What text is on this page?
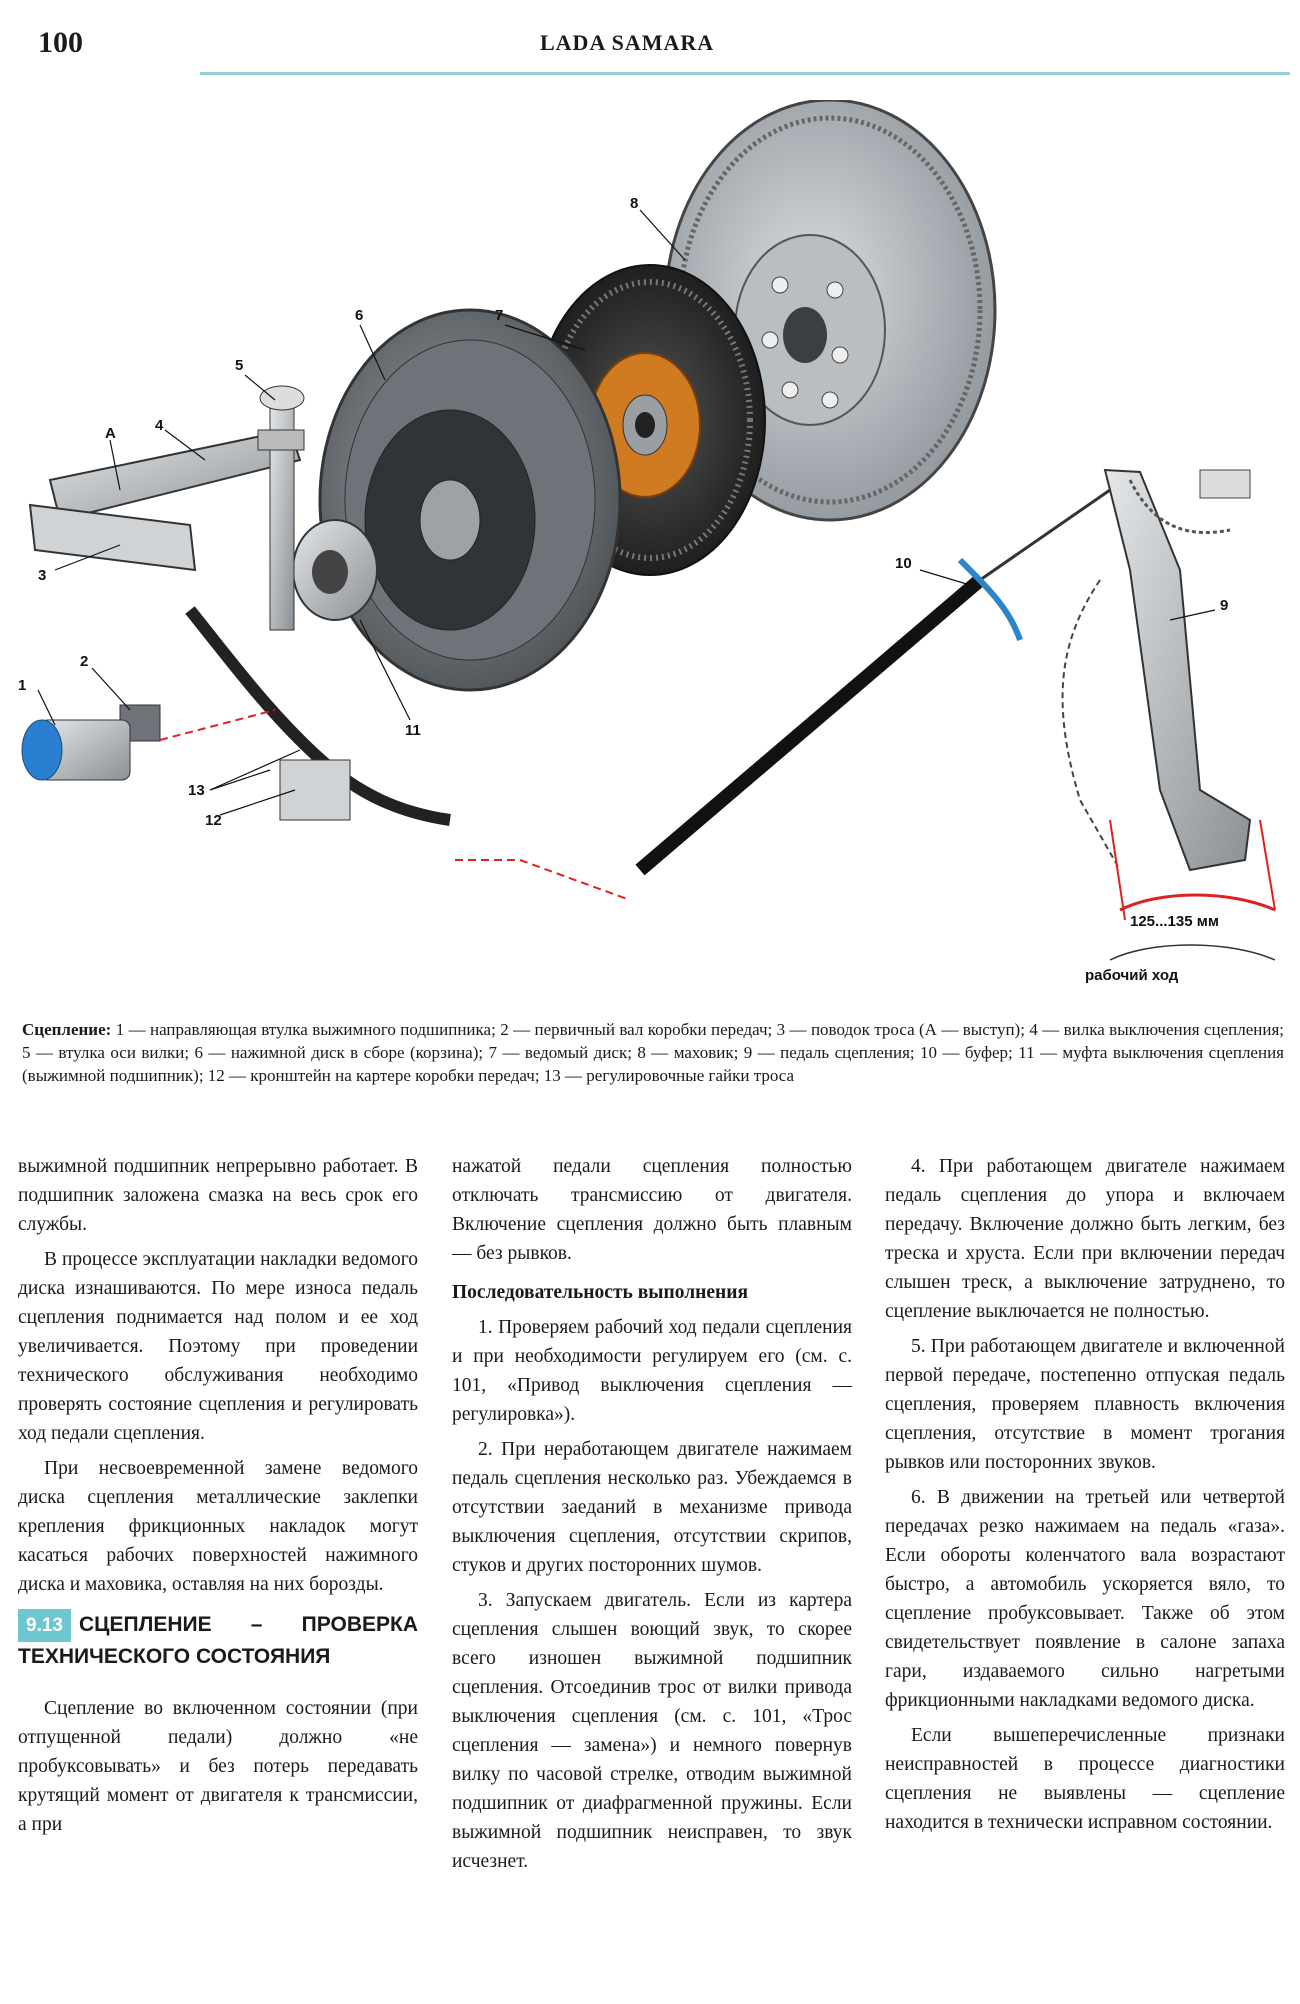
100	LADA SAMARA
1
2
3
4
5
6	7
8
9
10
11
12
13
A
125...135 мм
рабочий ход
Сцепление: 1 — направляющая втулка выжимного подшипника; 2 — первичный вал коробки передач; 3 — поводок троса (А — выступ); 4 — вилка выключения сцепления; 5 — втулка оси вилки; 6 — нажимной диск в сборе (корзина); 7 — ведомый диск; 8 — маховик; 9 — педаль сцепления; 10 — буфер; 11 — муфта выключения сцепления (выжимной подшипник); 12 — кронштейн на картере коробки передач; 13 — регулировочные гайки троса

выжимной подшипник непрерывно работает. В подшипник заложена смазка на весь срок его службы.

В процессе эксплуатации накладки ведомого диска изнашиваются. По мере износа педаль сцепления поднимается над полом и ее ход увеличивается. Поэтому при проведении технического обслуживания необходимо проверять состояние сцепления и регулировать ход педали сцепления.

При несвоевременной замене ведомого диска сцепления металлические заклепки крепления фрикционных накладок могут касаться рабочих поверхностей нажимного диска и маховика, оставляя на них борозды.

9.13 СЦЕПЛЕНИЕ – ПРОВЕРКА ТЕХНИЧЕСКОГО СОСТОЯНИЯ

Сцепление во включенном состоянии (при отпущенной педали) должно «не пробуксовывать» и без потерь передавать крутящий момент от двигателя к трансмиссии, а при

нажатой педали сцепления полностью отключать трансмиссию от двигателя. Включение сцепления должно быть плавным — без рывков.

Последовательность выполнения

1. Проверяем рабочий ход педали сцепления и при необходимости регулируем его (см. с. 101, «Привод выключения сцепления — регулировка»).

2. При неработающем двигателе нажимаем педаль сцепления несколько раз. Убеждаемся в отсутствии заеданий в механизме привода выключения сцепления, отсутствии скрипов, стуков и других посторонних шумов.

3. Запускаем двигатель. Если из картера сцепления слышен воющий звук, то скорее всего изношен выжимной подшипник сцепления. Отсоединив трос от вилки привода выключения сцепления (см. с. 101, «Трос сцепления — замена») и немного повернув вилку по часовой стрелке, отводим выжимной подшипник от диафрагменной пружины. Если выжимной подшипник неисправен, то звук исчезнет.

4. При работающем двигателе нажимаем педаль сцепления до упора и включаем передачу. Включение должно быть легким, без треска и хруста. Если при включении передач слышен треск, а выключение затруднено, то сцепление выключается не полностью.

5. При работающем двигателе и включенной первой передаче, постепенно отпуская педаль сцепления, проверяем плавность включения сцепления, отсутствие в момент трогания рывков или посторонних звуков.

6. В движении на третьей или четвертой передачах резко нажимаем на педаль «газа». Если обороты коленчатого вала возрастают быстро, а автомобиль ускоряется вяло, то сцепление пробуксовывает. Также об этом свидетельствует появление в салоне запаха гари, издаваемого сильно нагретыми фрикционными накладками ведомого диска.

Если вышеперечисленные признаки неисправностей в процессе диагностики сцепления не выявлены — сцепление находится в технически исправном состоянии.
